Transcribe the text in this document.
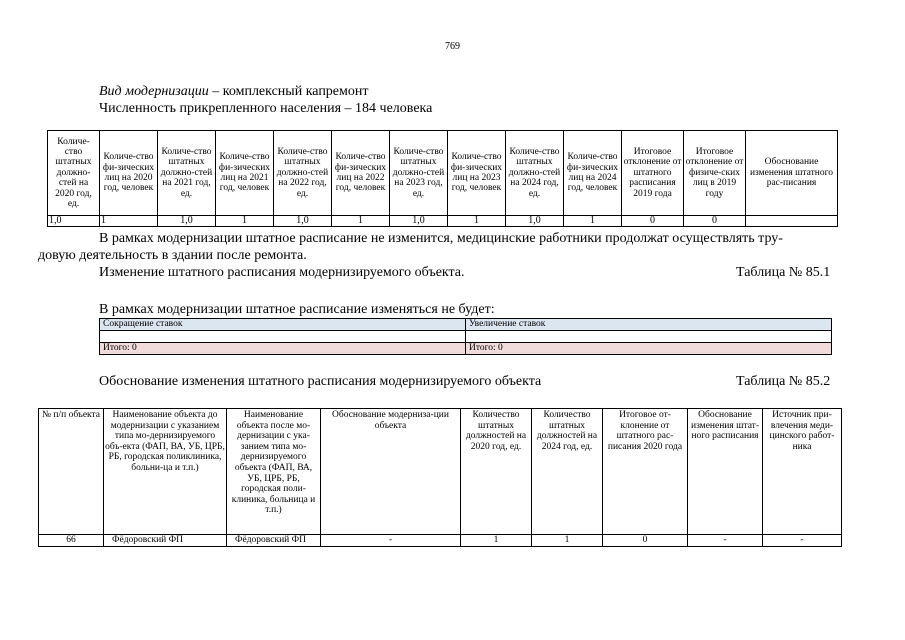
769
Вид модернизации – комплексный капремонт
Численность прикрепленного населения – 184 человека
Количе-ство штатных должно-стей на 2020 год, ед.	Количе-ство фи-зических лиц на 2020 год, человек	Количе-ство штатных должно-стей на 2021 год, ед.	Количе-ство фи-зических лиц на 2021 год, человек	Количе-ство штатных должно-стей на 2022 год, ед.	Количе-ство фи-зических лиц на 2022 год, человек	Количе-ство штатных должно-стей на 2023 год, ед.	Количе-ство фи-зических лиц на 2023 год, человек	Количе-ство штатных должно-стей на 2024 год, ед.	Количе-ство фи-зических лиц на 2024 год, человек	Итоговое отклонение от штатного расписания 2019 года	Итоговое отклонение от физиче-ских лиц в 2019 году	Обоснование изменения штатного рас-писания
1,0	1	1,0	1	1,0	1	1,0	1	1,0	1	0	0	
В рамках модернизации штатное расписание не изменится, медицинские работники продолжат осуществлять тру-
довую деятельность в здании после ремонта.
Изменение штатного расписания модернизируемого объекта.	Таблица № 85.1
В рамках модернизации штатное расписание изменяться не будет:
Сокращение ставок	Увеличение ставок

Итого: 0	Итого: 0
Обоснование изменения штатного расписания модернизируемого объекта	Таблица № 85.2
№ п/п объекта	Наименование объекта до модернизации с указанием типа мо-дернизируемого объ-екта (ФАП, ВА, УБ, ЦРБ, РБ, городская поликлиника, больни-ца и т.п.)	Наименование объекта после мо-дернизации с ука-занием типа мо-дернизируемого объекта (ФАП, ВА, УБ, ЦРБ, РБ, городская поли-клиника, больница и т.п.)	Обоснование модерниза-ции объекта	Количество штатных должностей на 2020 год, ед.	Количество штатных должностей на 2024 год, ед.	Итоговое от-клонение от штатного рас-писания 2020 года	Обоснование изменения штат-ного расписания	Источник при-влечения меди-цинского работ-ника
66	Фёдоровский ФП	Фёдоровский ФП	-	1	1	0	-	-
